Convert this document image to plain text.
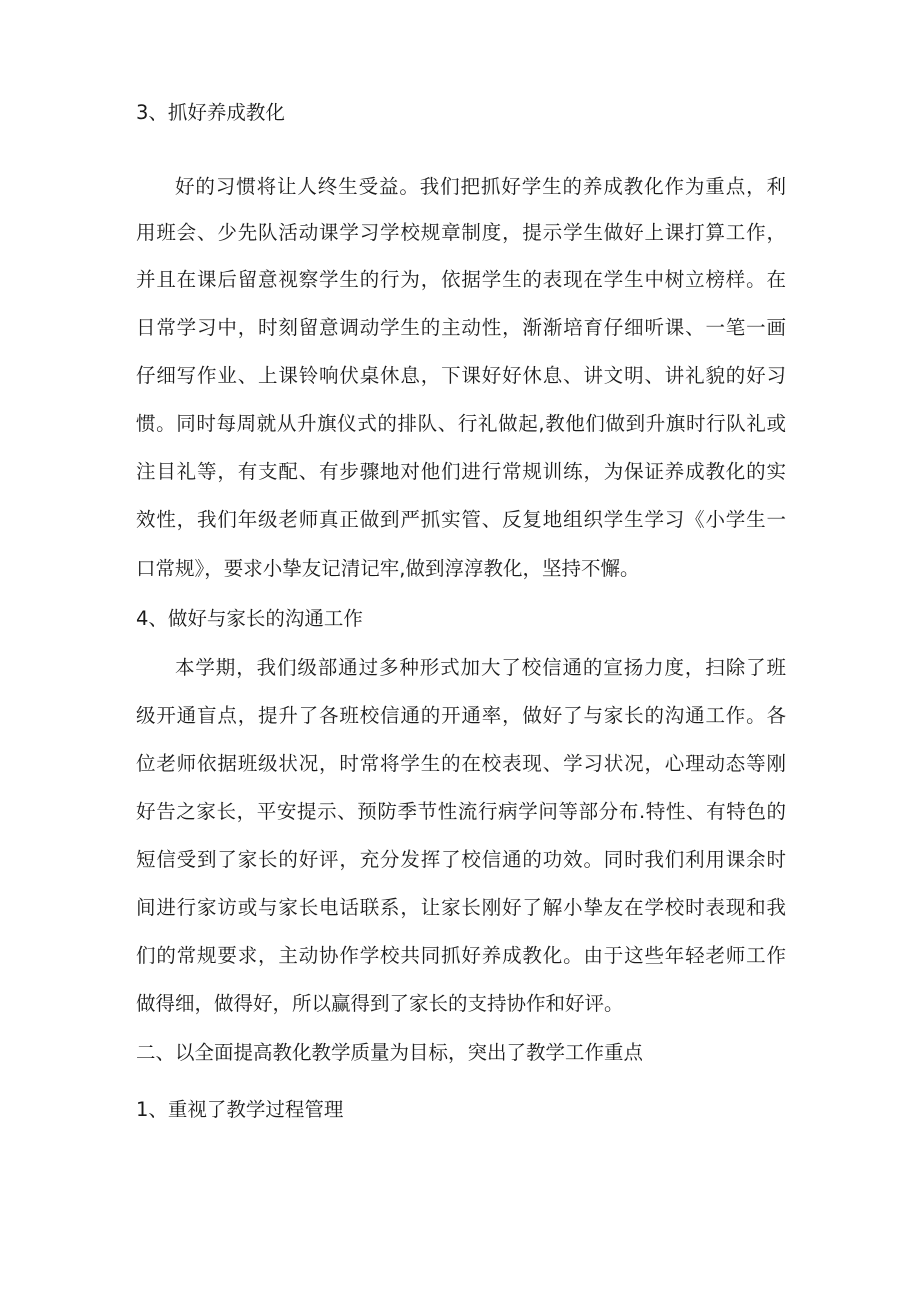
3、抓好养成教化
好的习惯将让人终生受益。我们把抓好学生的养成教化作为重点，利
用班会、少先队活动课学习学校规章制度，提示学生做好上课打算工作，
并且在课后留意视察学生的行为，依据学生的表现在学生中树立榜样。在
日常学习中，时刻留意调动学生的主动性，渐渐培育仔细听课、一笔一画
仔细写作业、上课铃响伏桌休息，下课好好休息、讲文明、讲礼貌的好习
惯。同时每周就从升旗仪式的排队、行礼做起,教他们做到升旗时行队礼或
注目礼等，有支配、有步骤地对他们进行常规训练，为保证养成教化的实
效性，我们年级老师真正做到严抓实管、反复地组织学生学习《小学生一
口常规》，要求小挚友记清记牢,做到淳淳教化，坚持不懈。
4、做好与家长的沟通工作
本学期，我们级部通过多种形式加大了校信通的宣扬力度，扫除了班
级开通盲点，提升了各班校信通的开通率，做好了与家长的沟通工作。各
位老师依据班级状况，时常将学生的在校表现、学习状况，心理动态等刚
好告之家长，平安提示、预防季节性流行病学问等部分布.特性、有特色的
短信受到了家长的好评，充分发挥了校信通的功效。同时我们利用课余时
间进行家访或与家长电话联系，让家长刚好了解小挚友在学校时表现和我
们的常规要求，主动协作学校共同抓好养成教化。由于这些年轻老师工作
做得细，做得好，所以赢得到了家长的支持协作和好评。
二、以全面提高教化教学质量为目标，突出了教学工作重点
1、重视了教学过程管理
